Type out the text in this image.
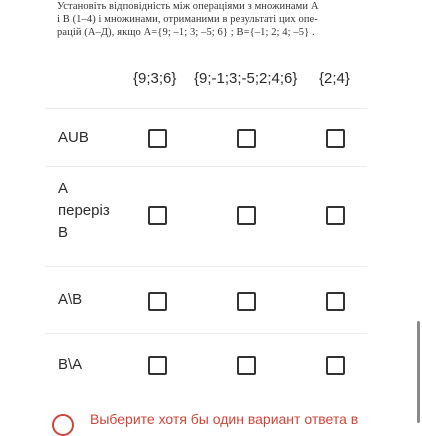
Установіть відповідність між операціями з множинами A
і B (1–4) і множинами, отриманими в результаті цих опе-
рацій (А–Д), якщо A={9; –1; 3; –5; 6} ; B={–1; 2; 4; –5} .
{9;3;6} {9;-1;3;-5;2;4;6} {2;4}
AUB
A
переріз
B
A\B
B\A
Выберите хотя бы один вариант ответа в
